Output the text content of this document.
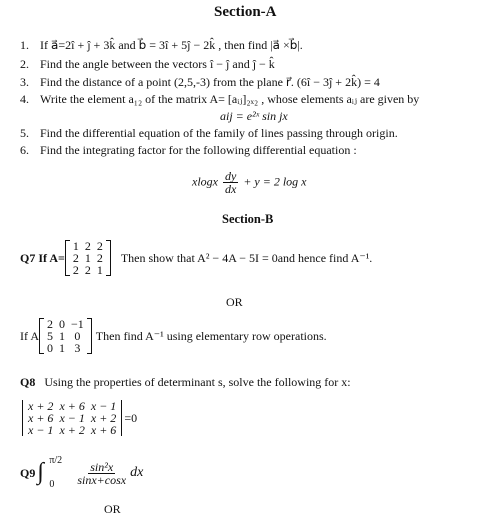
Section-A
1. If a⃗=2î + ĵ + 3k̂ and b⃗ = 3î + 5ĵ − 2k̂ , then find |a⃗ ×b⃗|.
2. Find the angle between the vectors î − ĵ and ĵ − k̂
3. Find the distance of a point (2,5,-3) from the plane r⃗. (6î − 3ĵ + 2k̂) = 4
4. Write the element a₁₂ of the matrix A= [aᵢⱼ]₂ₓ₂ , whose elements aᵢⱼ are given by
aij = e²ˣ sin jx
5. Find the differential equation of the family of lines passing through origin.
6. Find the integrating factor for the following differential equation :
xlogx $\frac{dy}{dx} + y = 2$ log x
Section-B
Q7 If A=
1	2	2
2	1	2
2	2	1
Then show that A² − 4A − 5I = 0and hence find A⁻¹.
OR
If A
2	0	−1
5	1	0
0	1	3
Then find A⁻¹ using elementary row operations.
Q8 Using the properties of determinant s, solve the following for x:
x + 2	x + 6	x − 1
x + 6	x − 1	x + 2
x − 1	x + 2	x + 6
=0
Q9 ∫ π/2
$0 \frac{\text{sin²x}}{\sin x+\cos x}$ dx
OR
